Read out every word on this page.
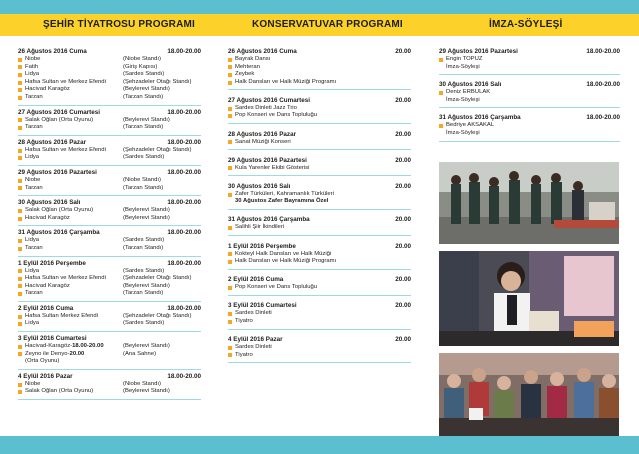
ŞEHİR TİYATROSU PROGRAMI	KONSERVATUVAR PROGRAMI	İMZA-SÖYLEŞİ
26 Ağustos 2016 Cuma	18.00-20.00
Niobe	(Niobe Standı)
Fatih	(Giriş Kapısı)
Lidya	(Sardes Standı)
Hafsa Sultan ve Merkez Efendi	(Şehzadeler Otağı Standı)
Hacivad Karagöz	(Beylerevi Standı)
Tarzan	(Tarzan Standı)
27 Ağustos 2016 Cumartesi	18.00-20.00
Salak Oğlan (Orta Oyunu)	(Beylerevi Standı)
Tarzan	(Tarzan Standı)
28 Ağustos 2016 Pazar	18.00-20.00
Hafsa Sultan ve Merkez Efendi	(Şehzadeler Otağı Standı)
Lidya	(Sardes Standı)
29 Ağustos 2016 Pazartesi	18.00-20.00
Niobe	(Niobe Standı)
Tarzan	(Tarzan Standı)
30 Ağustos 2016 Salı	18.00-20.00
Salak Oğlan (Orta Oyunu)	(Beylerevi Standı)
Hacivad Karagöz	(Beylerevi Standı)
31 Ağustos 2016 Çarşamba	18.00-20.00
Lidya	(Sardes Standı)
Tarzan	(Tarzan Standı)
1 Eylül 2016 Perşembe	18.00-20.00
Lidya	(Sardes Standı)
Hafsa Sultan ve Merkez Efendi	(Şehzadeler Otağı Standı)
Hacivad Karagöz	(Beylerevi Standı)
Tarzan	(Tarzan Standı)
2 Eylül 2016 Cuma	18.00-20.00
Hafsa Sultan Merkez Efendi	(Şehzadeler Otağı Standı)
Lidya	(Sardes Standı)
3 Eylül 2016 Cumartesi
Hacivad-Karagöz - 18.00-20.00	(Beylerevi Standı)
Zeyno ile Denyo - 20.00	(Ana Sahne)
(Orta Oyunu)
4 Eylül 2016 Pazar	18.00-20.00
Niobe	(Niobe Standı)
Salak Oğlan (Orta Oyunu)	(Beylerevi Standı)
26 Ağustos 2016 Cuma	20.00
Bayrak Dansı
Mehteran
Zeybek
Halk Dansları ve Halk Müziği Programı
27 Ağustos 2016 Cumartesi	20.00
Sardes Dinleti Jazz Trio
Pop Konseri ve Dans Topluluğu
28 Ağustos 2016 Pazar	20.00
Sanat Müziği Konseri
29 Ağustos 2016 Pazartesi	20.00
Kula Yarenler Ekibi Gösterisi
30 Ağustos 2016 Salı	20.00
Zafer Türküleri, Kahramanlık Türküleri
30 Ağustos Zafer Bayramına Özel
31 Ağustos 2016 Çarşamba	20.00
Salihli Şiir İkindileri
1 Eylül 2016 Perşembe	20.00
Kokteyl Halk Dansları ve Halk Müziği
Halk Dansları ve Halk Müziği Programı
2 Eylül 2016 Cuma	20.00
Pop Konseri ve Dans Topluluğu
3 Eylül 2016 Cumartesi	20.00
Sardes Dinleti
Tiyatro
4 Eylül 2016 Pazar	20.00
Sardes Dinleti
Tiyatro
29 Ağustos 2016 Pazartesi	18.00-20.00
Engin TOPUZ
İmza-Söyleşi
30 Ağustos 2016 Salı	18.00-20.00
Deniz ERBULAK
İmza-Söyleşi
31 Ağustos 2016 Çarşamba	18.00-20.00
Bedriye AKSAKAL
İmza-Söyleşi
